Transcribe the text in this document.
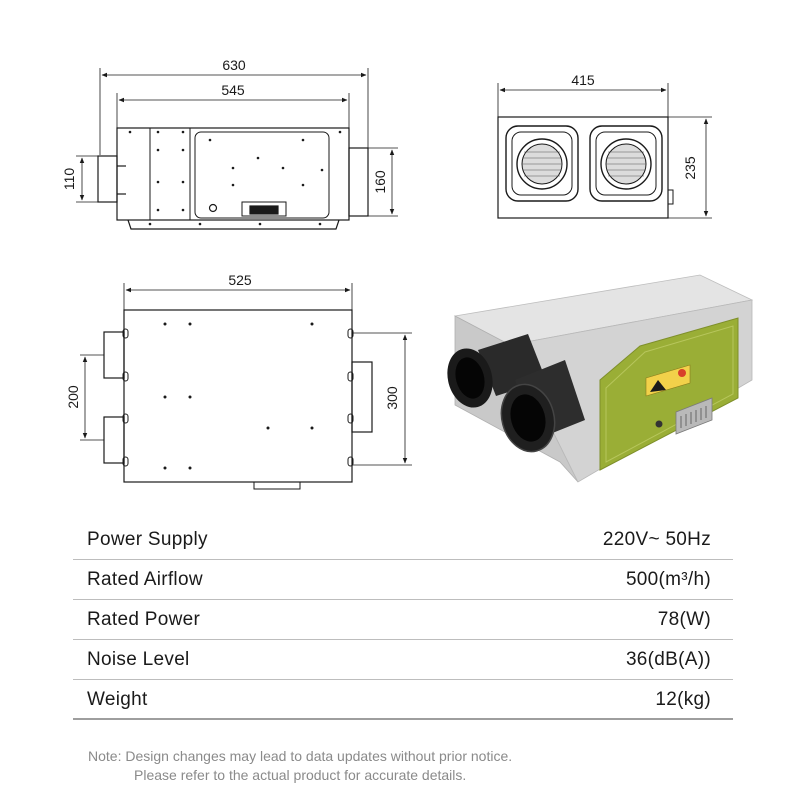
630
545
110	160
415
235
525
200	300
Power Supply	220V~ 50Hz
Rated Airflow	500(m³/h)
Rated Power	78(W)
Noise Level	36(dB(A))
Weight	12(kg)
Note: Design changes may lead to data updates without prior notice.
Please refer to the actual product for accurate details.
